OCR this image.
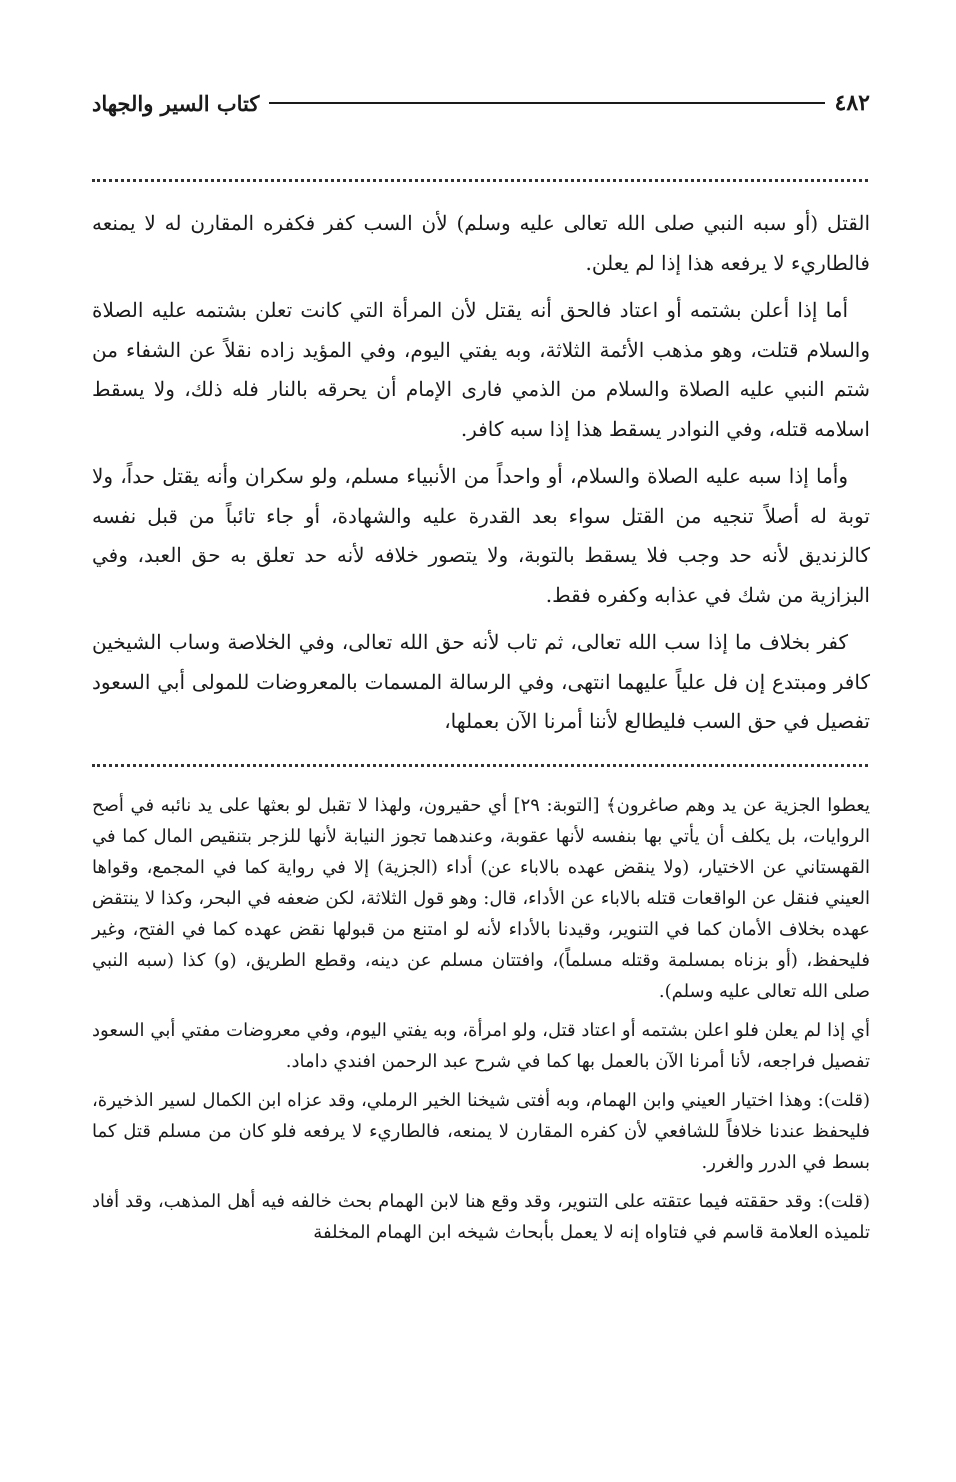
٤٨٢
كتاب السير والجهاد

القتل (أو سبه النبي صلى الله تعالى عليه وسلم) لأن السب كفر فكفره المقارن له لا يمنعه فالطاريء لا يرفعه هذا إذا لم يعلن.

أما إذا أعلن بشتمه أو اعتاد فالحق أنه يقتل لأن المرأة التي كانت تعلن بشتمه عليه الصلاة والسلام قتلت، وهو مذهب الأئمة الثلاثة، وبه يفتي اليوم، وفي المؤيد زاده نقلاً عن الشفاء من شتم النبي عليه الصلاة والسلام من الذمي فارى الإمام أن يحرقه بالنار فله ذلك، ولا يسقط اسلامه قتله، وفي النوادر يسقط هذا إذا سبه كافر.

وأما إذا سبه عليه الصلاة والسلام، أو واحداً من الأنبياء مسلم، ولو سكران وأنه يقتل حداً، ولا توبة له أصلاً تنجيه من القتل سواء بعد القدرة عليه والشهادة، أو جاء تائباً من قبل نفسه كالزنديق لأنه حد وجب فلا يسقط بالتوبة، ولا يتصور خلافه لأنه حد تعلق به حق العبد، وفي البزازية من شك في عذابه وكفره فقط.

كفر بخلاف ما إذا سب الله تعالى، ثم تاب لأنه حق الله تعالى، وفي الخلاصة وساب الشيخين كافر ومبتدع إن فل علياً عليهما انتهى، وفي الرسالة المسمات بالمعروضات للمولى أبي السعود تفصيل في حق السب فليطالع لأننا أمرنا الآن بعملها،

يعطوا الجزية عن يد وهم صاغرون﴾ [التوبة: ٢٩] أي حقيرون، ولهذا لا تقبل لو بعثها على يد نائبه في أصح الروايات، بل يكلف أن يأتي بها بنفسه لأنها عقوبة، وعندهما تجوز النيابة لأنها للزجر بتنقيص المال كما في القهستاني عن الاختيار، (ولا ينقض عهده بالاباء عن) أداء (الجزية) إلا في رواية كما في المجمع، وقواها العيني فنقل عن الواقعات قتله بالاباء عن الأداء، قال: وهو قول الثلاثة، لكن ضعفه في البحر، وكذا لا ينتقض عهده بخلاف الأمان كما في التنوير، وقيدنا بالأداء لأنه لو امتنع من قبولها نقض عهده كما في الفتح، وغير فليحفظ، (أو بزناه بمسلمة وقتله مسلماً)، وافتتان مسلم عن دينه، وقطع الطريق، (و) كذا (سبه النبي صلى الله تعالى عليه وسلم).

أي إذا لم يعلن فلو اعلن بشتمه أو اعتاد قتل، ولو امرأة، وبه يفتي اليوم، وفي معروضات مفتي أبي السعود تفصيل فراجعه، لأنا أمرنا الآن بالعمل بها كما في شرح عبد الرحمن افندي داماد.

(قلت): وهذا اختيار العيني وابن الهمام، وبه أفتى شيخنا الخير الرملي، وقد عزاه ابن الكمال لسير الذخيرة، فليحفظ عندنا خلافاً للشافعي لأن كفره المقارن لا يمنعه، فالطاريء لا يرفعه فلو كان من مسلم قتل كما بسط في الدرر والغرر.

(قلت): وقد حققته فيما عتقته على التنوير، وقد وقع هنا لابن الهمام بحث خالفه فيه أهل المذهب، وقد أفاد تلميذه العلامة قاسم في فتاواه إنه لا يعمل بأبحاث شيخه ابن الهمام المخلفة
